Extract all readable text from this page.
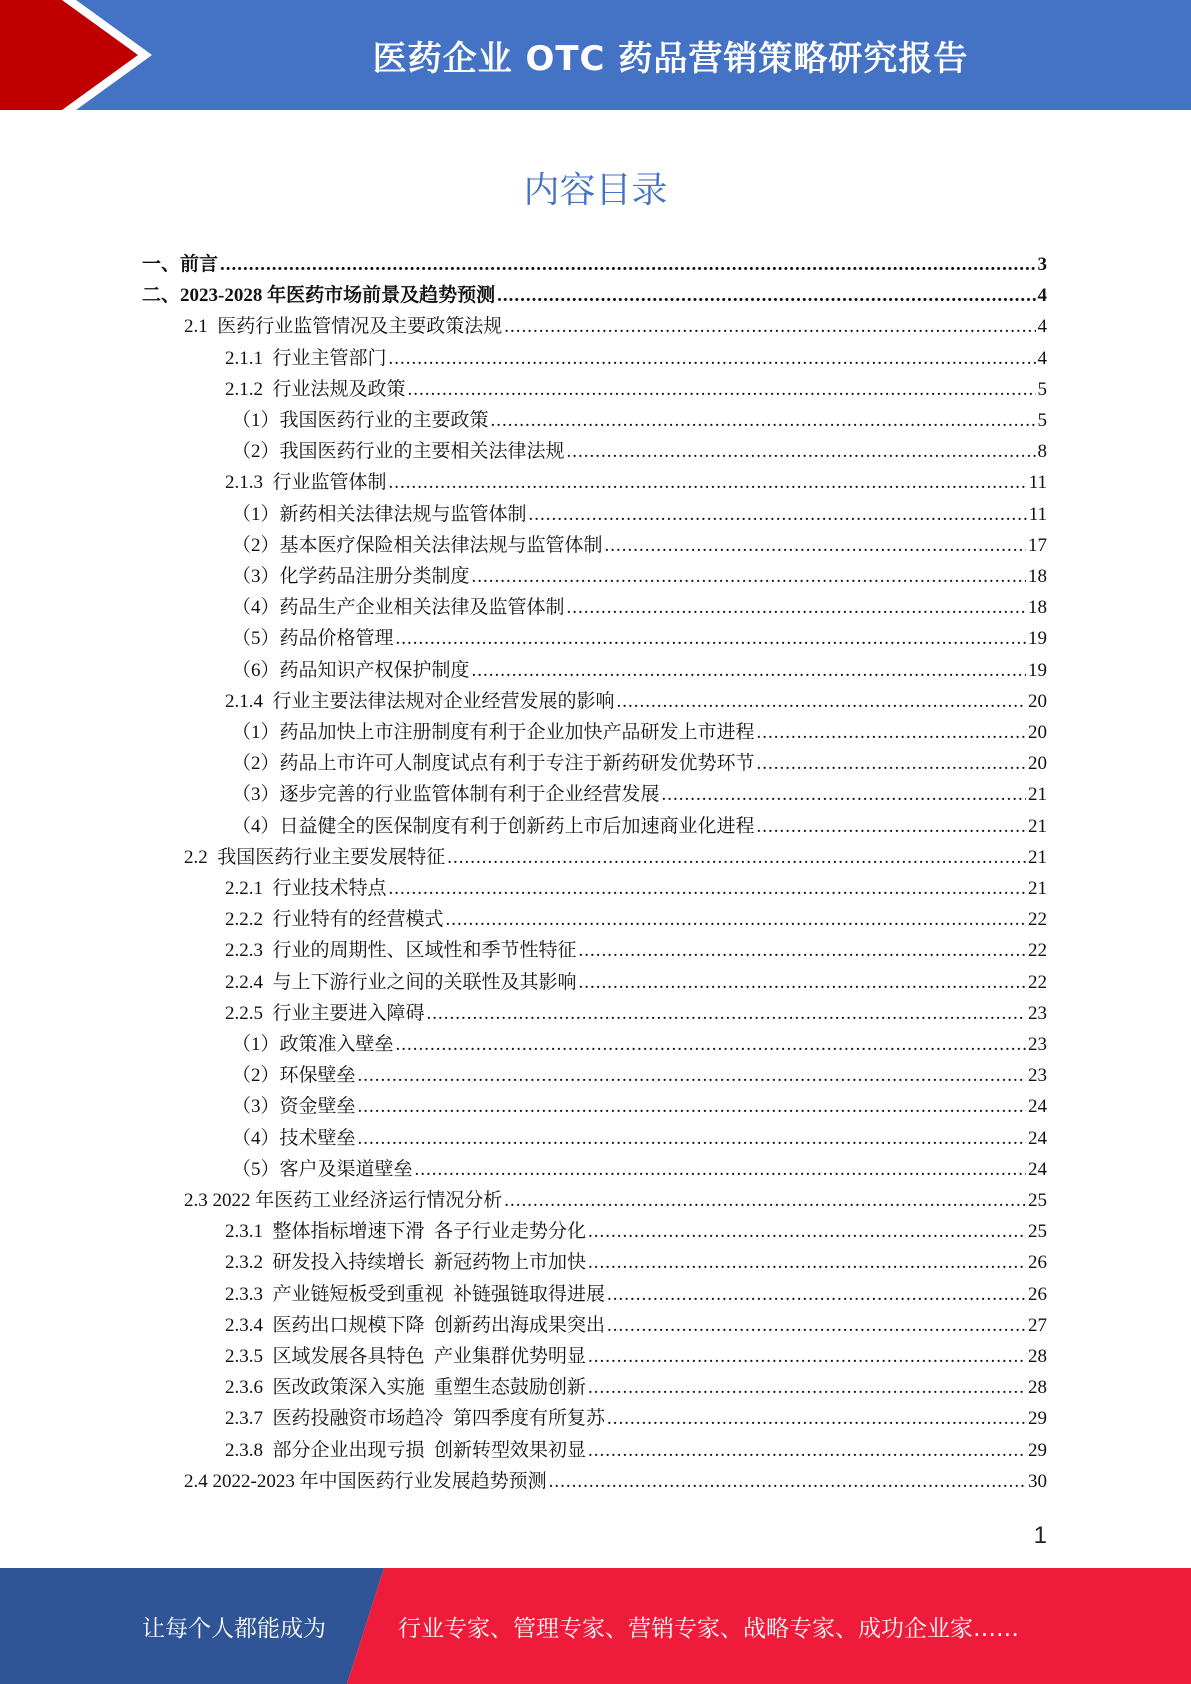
医药企业 OTC 药品营销策略研究报告
内容目录
一、前言 .....	3
二、2023-2028 年医药市场前景及趋势预测 .....	4
2.1  医药行业监管情况及主要政策法规 .....	4
2.1.1  行业主管部门 .....	4
2.1.2  行业法规及政策 .....	5
（1）我国医药行业的主要政策 .....	5
（2）我国医药行业的主要相关法律法规 .....	8
2.1.3  行业监管体制 .....	11
（1）新药相关法律法规与监管体制 .....	11
（2）基本医疗保险相关法律法规与监管体制 .....	17
（3）化学药品注册分类制度 .....	18
（4）药品生产企业相关法律及监管体制 .....	18
（5）药品价格管理 .....	19
（6）药品知识产权保护制度 .....	19
2.1.4  行业主要法律法规对企业经营发展的影响 .....	20
（1）药品加快上市注册制度有利于企业加快产品研发上市进程 .....	20
（2）药品上市许可人制度试点有利于专注于新药研发优势环节 .....	20
（3）逐步完善的行业监管体制有利于企业经营发展 .....	21
（4）日益健全的医保制度有利于创新药上市后加速商业化进程 .....	21
2.2  我国医药行业主要发展特征 .....	21
2.2.1  行业技术特点 .....	21
2.2.2  行业特有的经营模式 .....	22
2.2.3  行业的周期性、区域性和季节性特征 .....	22
2.2.4  与上下游行业之间的关联性及其影响 .....	22
2.2.5  行业主要进入障碍 .....	23
（1）政策准入壁垒 .....	23
（2）环保壁垒 .....	23
（3）资金壁垒 .....	24
（4）技术壁垒 .....	24
（5）客户及渠道壁垒 .....	24
2.3 2022 年医药工业经济运行情况分析 .....	25
2.3.1  整体指标增速下滑  各子行业走势分化 .....	25
2.3.2  研发投入持续增长  新冠药物上市加快 .....	26
2.3.3  产业链短板受到重视  补链强链取得进展 .....	26
2.3.4  医药出口规模下降  创新药出海成果突出 .....	27
2.3.5  区域发展各具特色  产业集群优势明显 .....	28
2.3.6  医改政策深入实施  重塑生态鼓励创新 .....	28
2.3.7  医药投融资市场趋冷  第四季度有所复苏 .....	29
2.3.8  部分企业出现亏损  创新转型效果初显 .....	29
2.4 2022-2023 年中国医药行业发展趋势预测 .....	30
1
让每个人都能成为	行业专家、管理专家、营销专家、战略专家、成功企业家……
